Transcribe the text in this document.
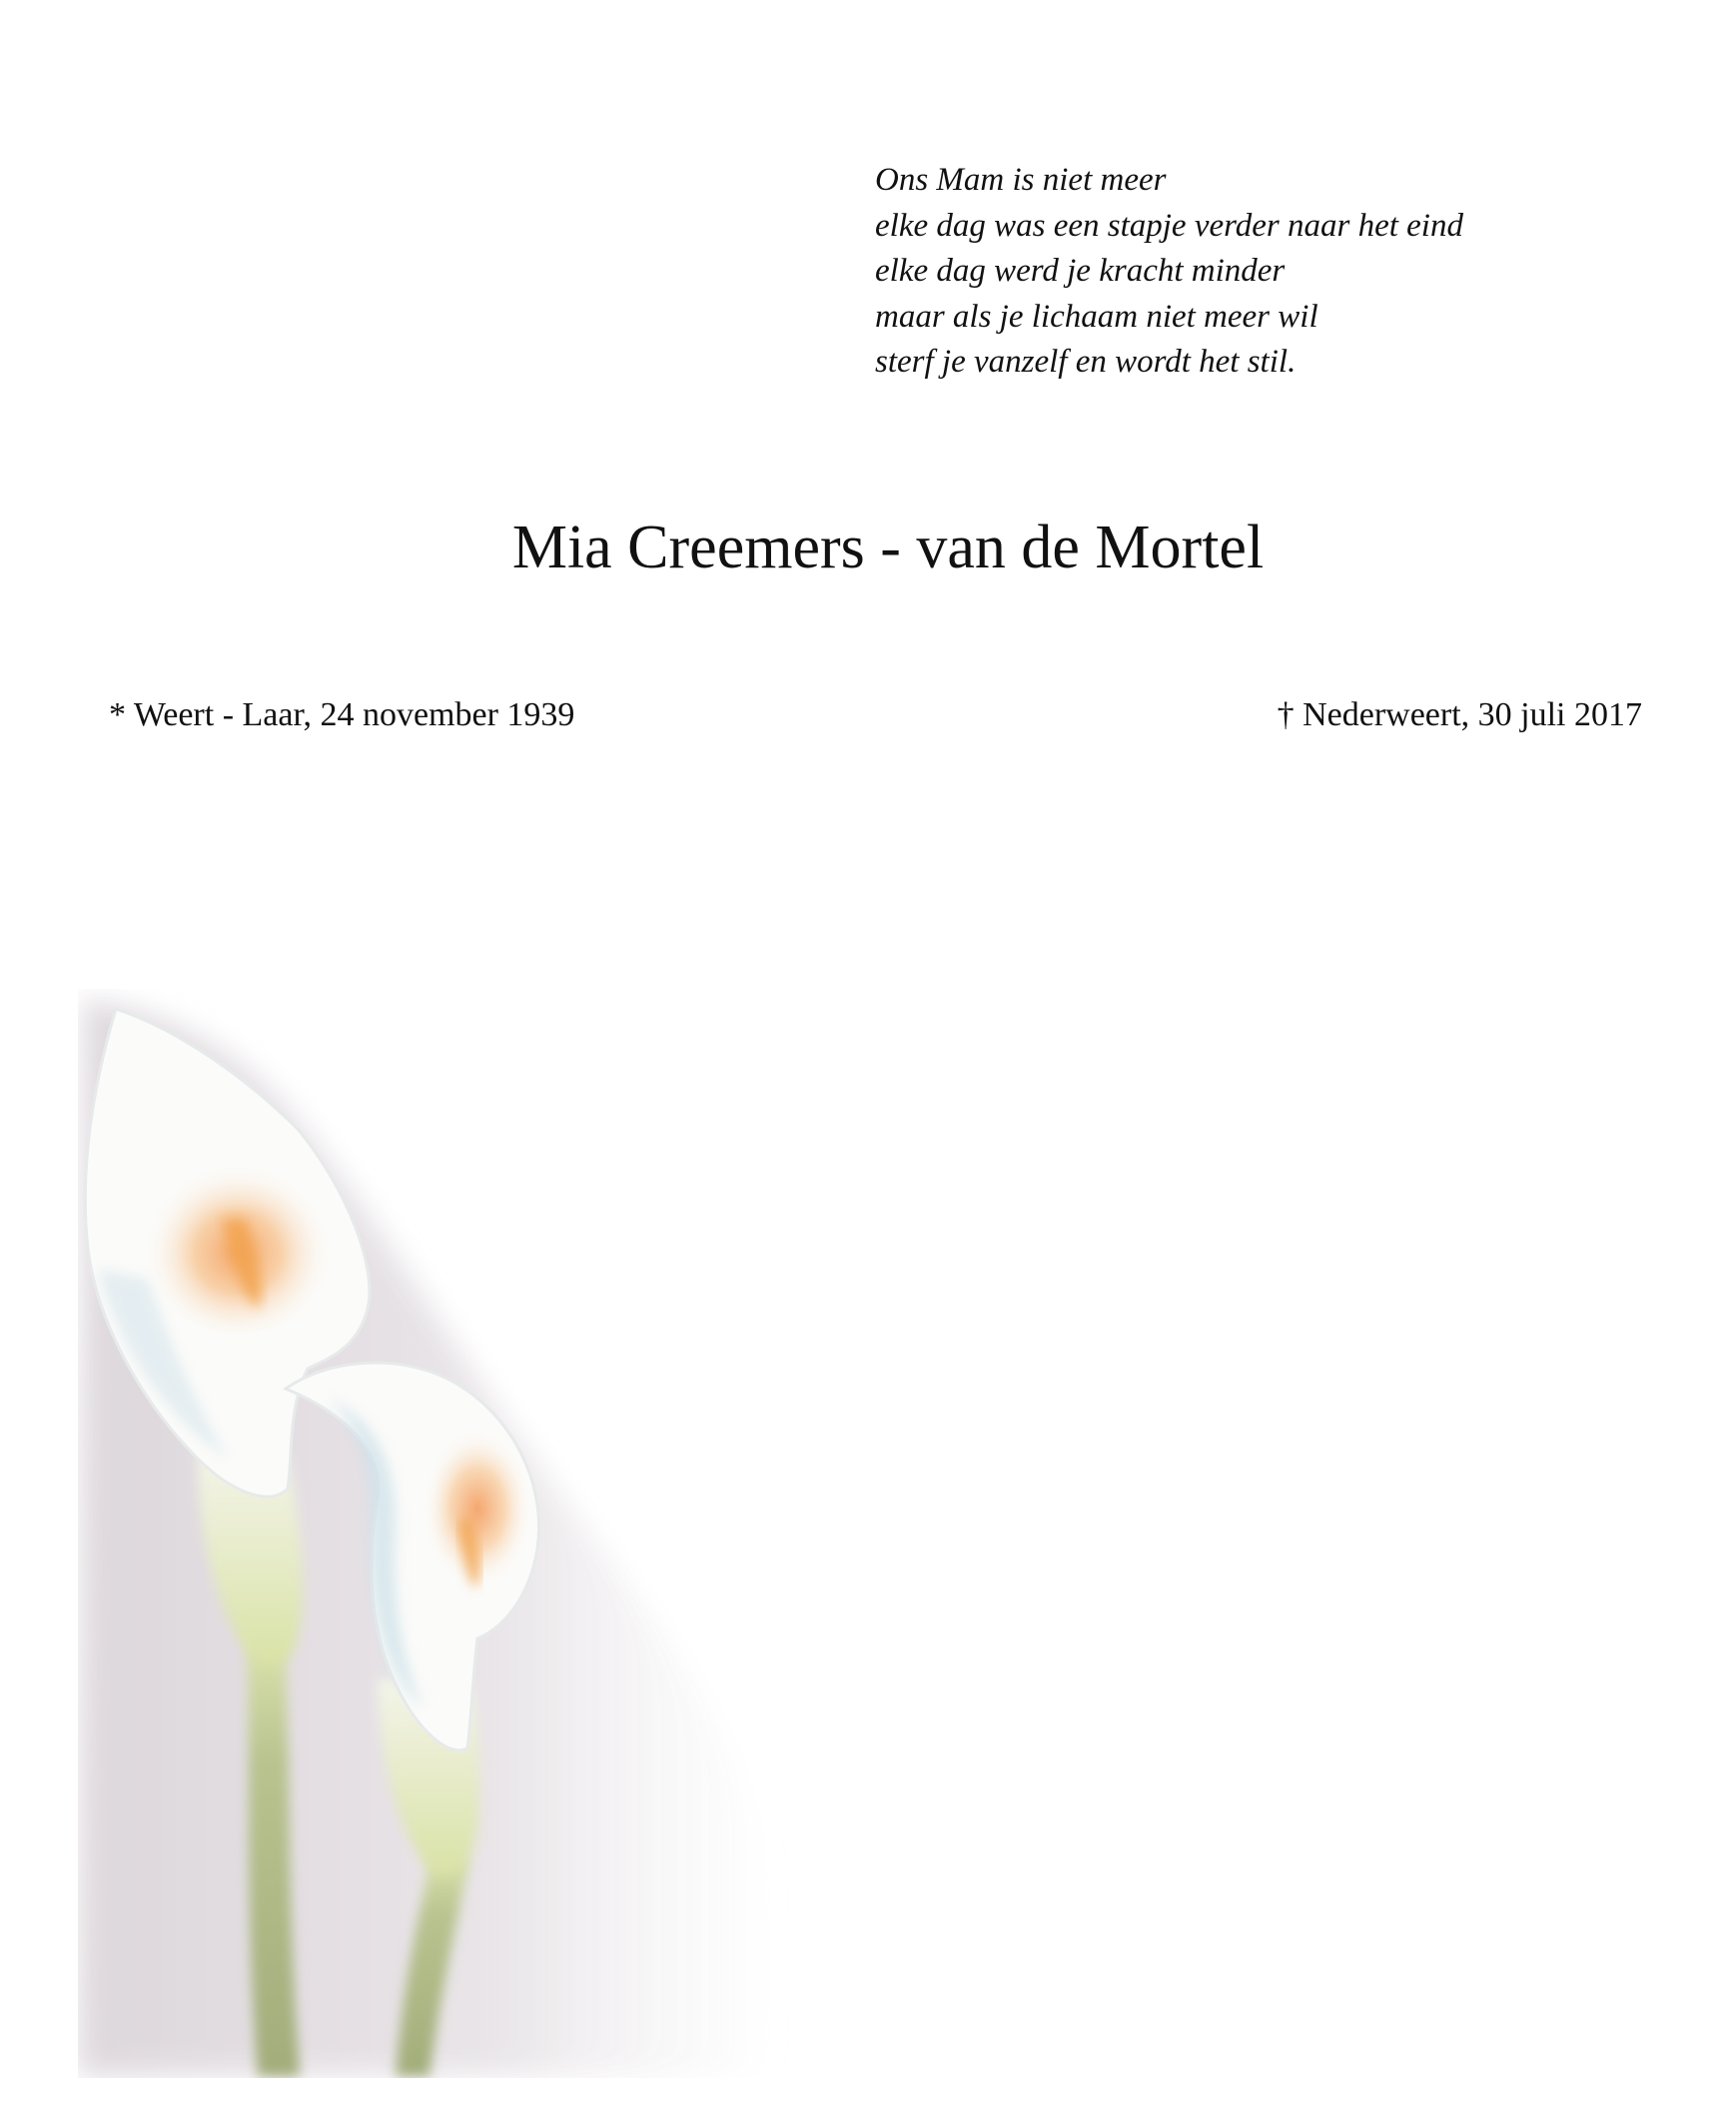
Ons Mam is niet meer
elke dag was een stapje verder naar het eind
elke dag werd je kracht minder
maar als je lichaam niet meer wil
sterf je vanzelf en wordt het stil.
Mia Creemers - van de Mortel
* Weert - Laar, 24 november 1939	† Nederweert, 30 juli 2017
